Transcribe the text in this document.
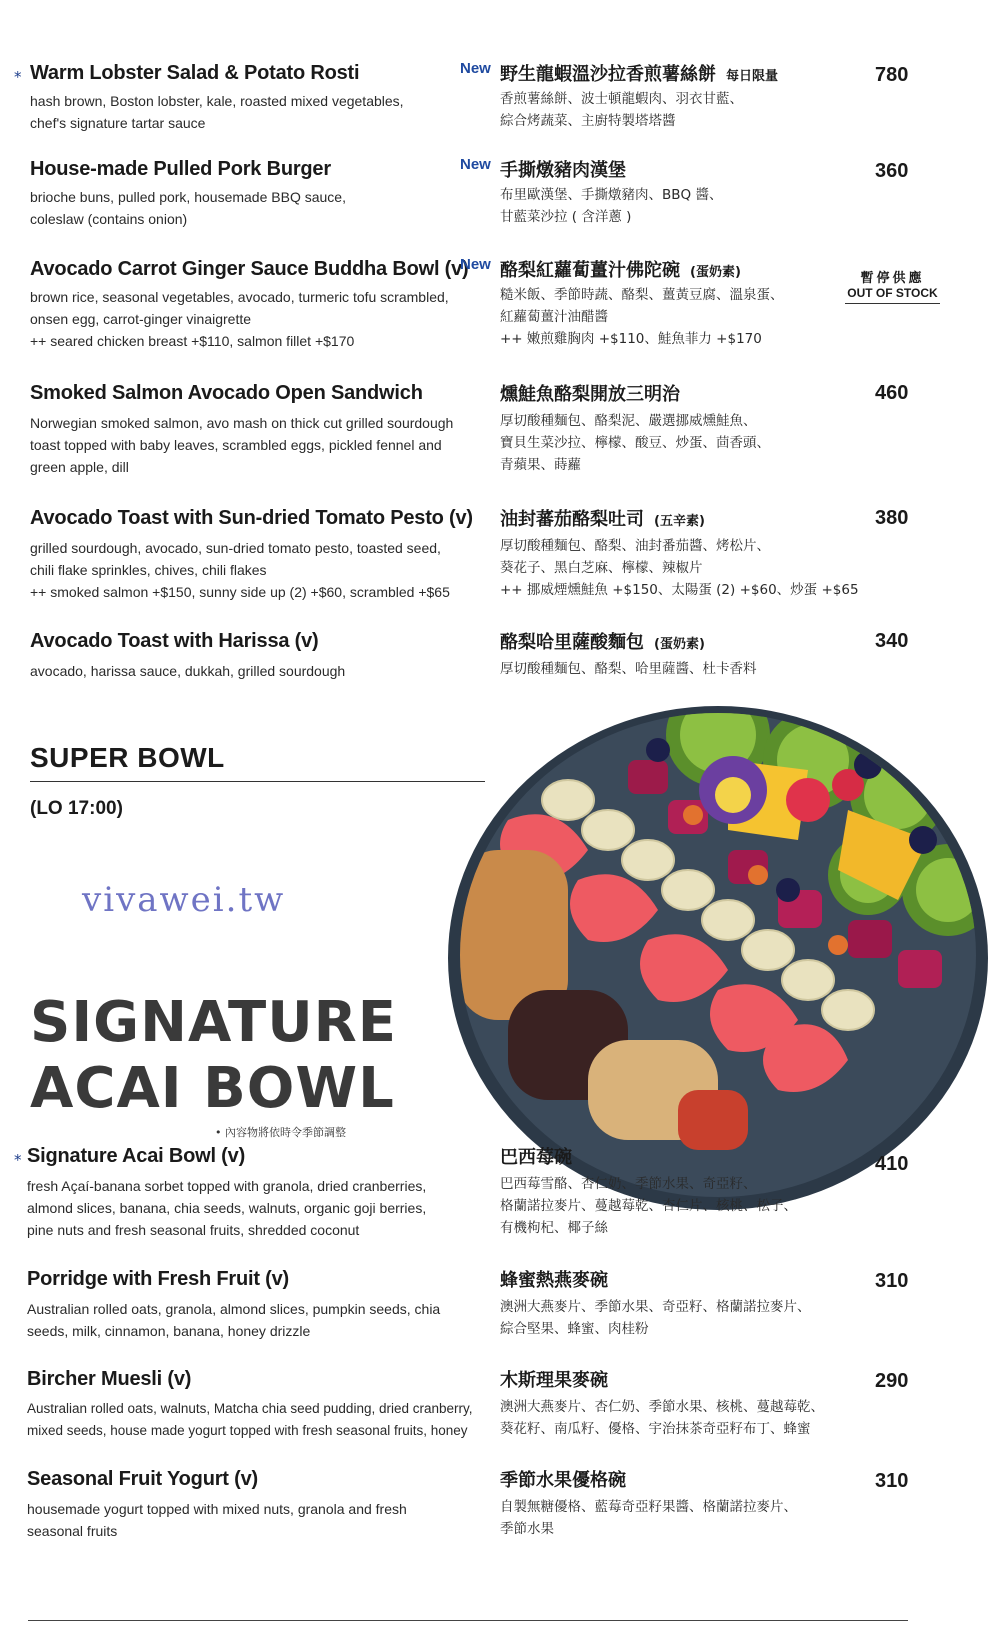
* Warm Lobster Salad & Potato Rosti
hash brown, Boston lobster, kale, roasted mixed vegetables,
chef's signature tartar sauce
New 野生龍蝦溫沙拉香煎薯絲餅 每日限量
香煎薯絲餅、波士頓龍蝦肉、羽衣甘藍、
綜合烤蔬菜、主廚特製塔塔醬
780
House-made Pulled Pork Burger
brioche buns, pulled pork, housemade BBQ sauce,
coleslaw (contains onion)
New 手撕燉豬肉漢堡
布里歐漢堡、手撕燉豬肉、BBQ 醬、
甘藍菜沙拉 ( 含洋蔥 )
360
Avocado Carrot Ginger Sauce Buddha Bowl (v)
brown rice, seasonal vegetables, avocado, turmeric tofu scrambled,
onsen egg, carrot-ginger vinaigrette
++ seared chicken breast +$110, salmon fillet +$170
New 酪梨紅蘿蔔薑汁佛陀碗 (蛋奶素)
糙米飯、季節時蔬、酪梨、薑黃豆腐、溫泉蛋、
紅蘿蔔薑汁油醋醬
++ 嫩煎雞胸肉 +$110、鮭魚菲力 +$170
暫停供應
OUT OF STOCK
Smoked Salmon Avocado Open Sandwich
Norwegian smoked salmon, avo mash on thick cut grilled sourdough
toast topped with baby leaves, scrambled eggs, pickled fennel and
green apple, dill
燻鮭魚酪梨開放三明治
厚切酸種麵包、酪梨泥、嚴選挪威燻鮭魚、
寶貝生菜沙拉、檸檬、酸豆、炒蛋、茴香頭、
青蘋果、蒔蘿
460
Avocado Toast with Sun-dried Tomato Pesto (v)
grilled sourdough, avocado, sun-dried tomato pesto, toasted seed,
chili flake sprinkles, chives, chili flakes
++ smoked salmon +$150, sunny side up (2) +$60, scrambled +$65
油封蕃茄酪梨吐司 (五辛素)
厚切酸種麵包、酪梨、油封番茄醬、烤松片、
葵花子、黑白芝麻、檸檬、辣椒片
++ 挪威煙燻鮭魚 +$150、太陽蛋 (2) +$60、炒蛋 +$65
380
Avocado Toast with Harissa (v)
avocado, harissa sauce, dukkah, grilled sourdough
酪梨哈里薩酸麵包 (蛋奶素)
厚切酸種麵包、酪梨、哈里薩醬、杜卡香料
340
SUPER BOWL
(LO 17:00)
vivawei.tw
SIGNATURE
ACAI BOWL
• 內容物將依時令季節調整
* Signature Acai Bowl (v)
fresh Açaí-banana sorbet topped with granola, dried cranberries,
almond slices, banana, chia seeds, walnuts, organic goji berries,
pine nuts and fresh seasonal fruits, shredded coconut
巴西莓碗
巴西莓雪酪、杏仁奶、季節水果、奇亞籽、
格蘭諾拉麥片、蔓越莓乾、杏仁片、核桃、松子、
有機枸杞、椰子絲
410
Porridge with Fresh Fruit (v)
Australian rolled oats, granola, almond slices, pumpkin seeds, chia
seeds, milk, cinnamon, banana, honey drizzle
蜂蜜熱燕麥碗
澳洲大燕麥片、季節水果、奇亞籽、格蘭諾拉麥片、
綜合堅果、蜂蜜、肉桂粉
310
Bircher Muesli (v)
Australian rolled oats, walnuts, Matcha chia seed pudding, dried cranberry,
mixed seeds, house made yogurt topped with fresh seasonal fruits, honey
木斯理果麥碗
澳洲大燕麥片、杏仁奶、季節水果、核桃、蔓越莓乾、
葵花籽、南瓜籽、優格、宇治抹茶奇亞籽布丁、蜂蜜
290
Seasonal Fruit Yogurt (v)
housemade yogurt topped with mixed nuts, granola and fresh
seasonal fruits
季節水果優格碗
自製無糖優格、藍莓奇亞籽果醬、格蘭諾拉麥片、
季節水果
310
